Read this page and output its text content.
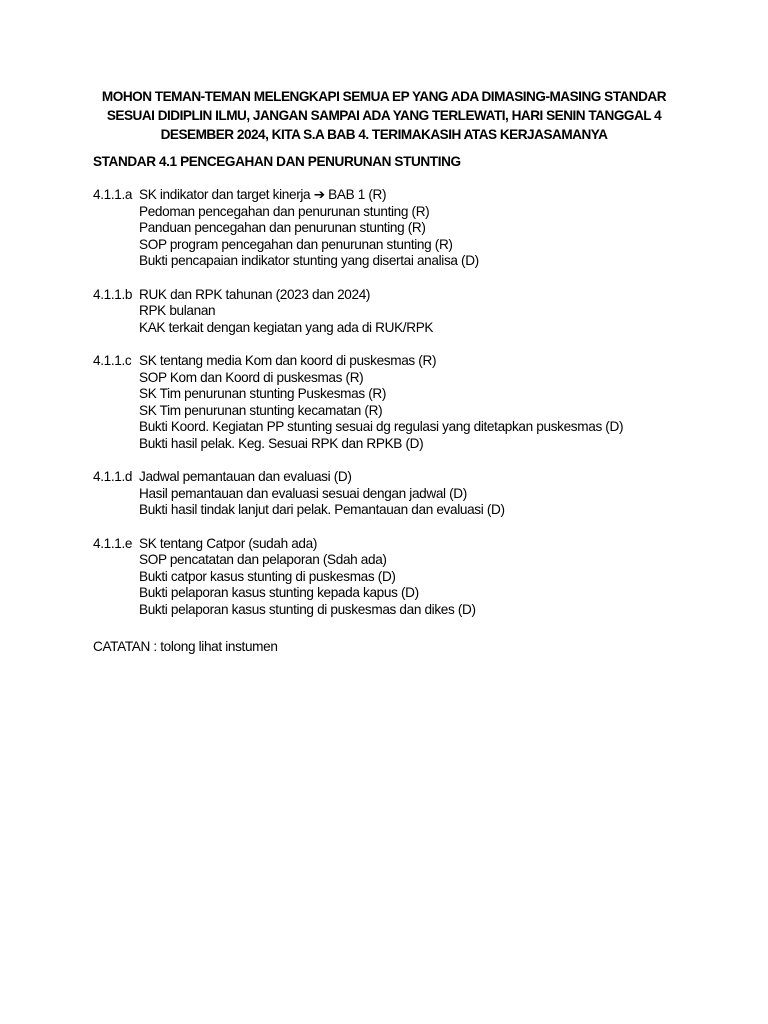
MOHON TEMAN-TEMAN MELENGKAPI SEMUA EP YANG ADA DIMASING-MASING STANDAR
SESUAI DIDIPLIN ILMU, JANGAN SAMPAI ADA YANG TERLEWATI, HARI SENIN TANGGAL 4
DESEMBER 2024, KITA S.A BAB 4. TERIMAKASIH ATAS KERJASAMANYA
STANDAR 4.1 PENCEGAHAN DAN PENURUNAN STUNTING
4.1.1.a SK indikator dan target kinerja ➔ BAB 1 (R)
Pedoman pencegahan dan penurunan stunting (R)
Panduan pencegahan dan penurunan stunting (R)
SOP program pencegahan dan penurunan stunting (R)
Bukti pencapaian indikator stunting yang disertai analisa (D)
4.1.1.b RUK dan RPK tahunan (2023 dan 2024)
RPK bulanan
KAK terkait dengan kegiatan yang ada di RUK/RPK
4.1.1.c SK tentang media Kom dan koord di puskesmas (R)
SOP Kom dan Koord di puskesmas (R)
SK Tim penurunan stunting Puskesmas (R)
SK Tim penurunan stunting kecamatan (R)
Bukti Koord. Kegiatan PP stunting sesuai dg regulasi yang ditetapkan puskesmas (D)
Bukti hasil pelak. Keg. Sesuai RPK dan RPKB (D)
4.1.1.d Jadwal pemantauan dan evaluasi (D)
Hasil pemantauan dan evaluasi sesuai dengan jadwal (D)
Bukti hasil tindak lanjut dari pelak. Pemantauan dan evaluasi (D)
4.1.1.e SK tentang Catpor (sudah ada)
SOP pencatatan dan pelaporan (Sdah ada)
Bukti catpor kasus stunting di puskesmas (D)
Bukti pelaporan kasus stunting kepada kapus (D)
Bukti pelaporan kasus stunting di puskesmas dan dikes (D)
CATATAN : tolong lihat instumen
